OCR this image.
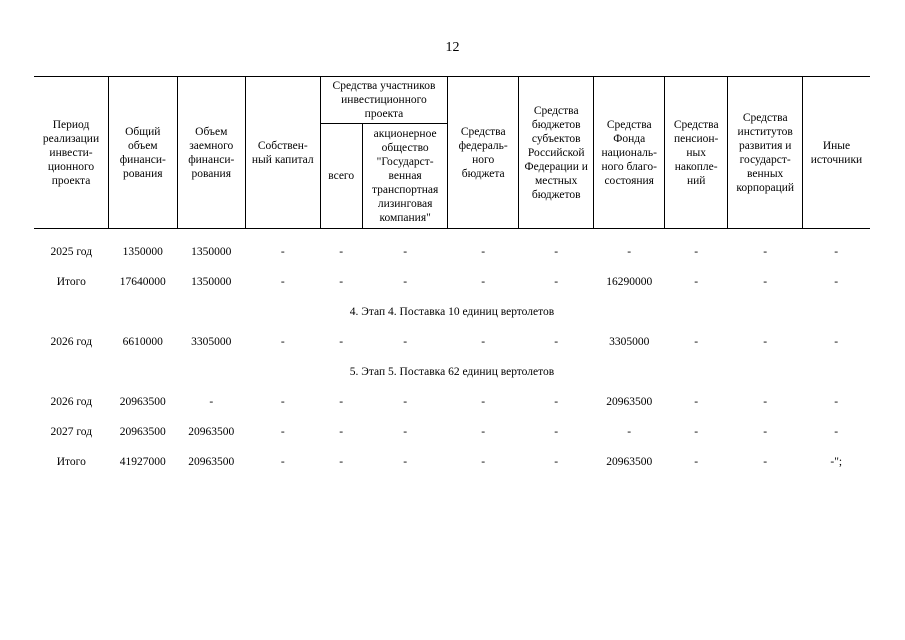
12
Период реализации инвести-ционного проекта	Общий объем финанси-рования	Объем заемного финанси-рования	Собствен-ный капитал	Средства участников инвестиционного проекта		Средства федераль-ного бюджета	Средства бюджетов субъектов Российской Федерации и местных бюджетов	Средства Фонда националь-ного благо-состояния	Средства пенсион-ных накопле-ний	Средства институтов развития и государст-венных корпораций	Иные источники
				всего	акционерное общество "Государст-венная транспортная лизинговая компания"						

2025 год	1350000	1350000	-	-	-	-	-	-	-	-	-
Итого	17640000	1350000	-	-	-	-	-	16290000	-	-	-
4. Этап 4. Поставка 10 единиц вертолетов											
2026 год	6610000	3305000	-	-	-	-	-	3305000	-	-	-
5. Этап 5. Поставка 62 единиц вертолетов											
2026 год	20963500	-	-	-	-	-	-	20963500	-	-	-
2027 год	20963500	20963500	-	-	-	-	-	-	-	-	-
Итого	41927000	20963500	-	-	-	-	-	20963500	-	-	-";
